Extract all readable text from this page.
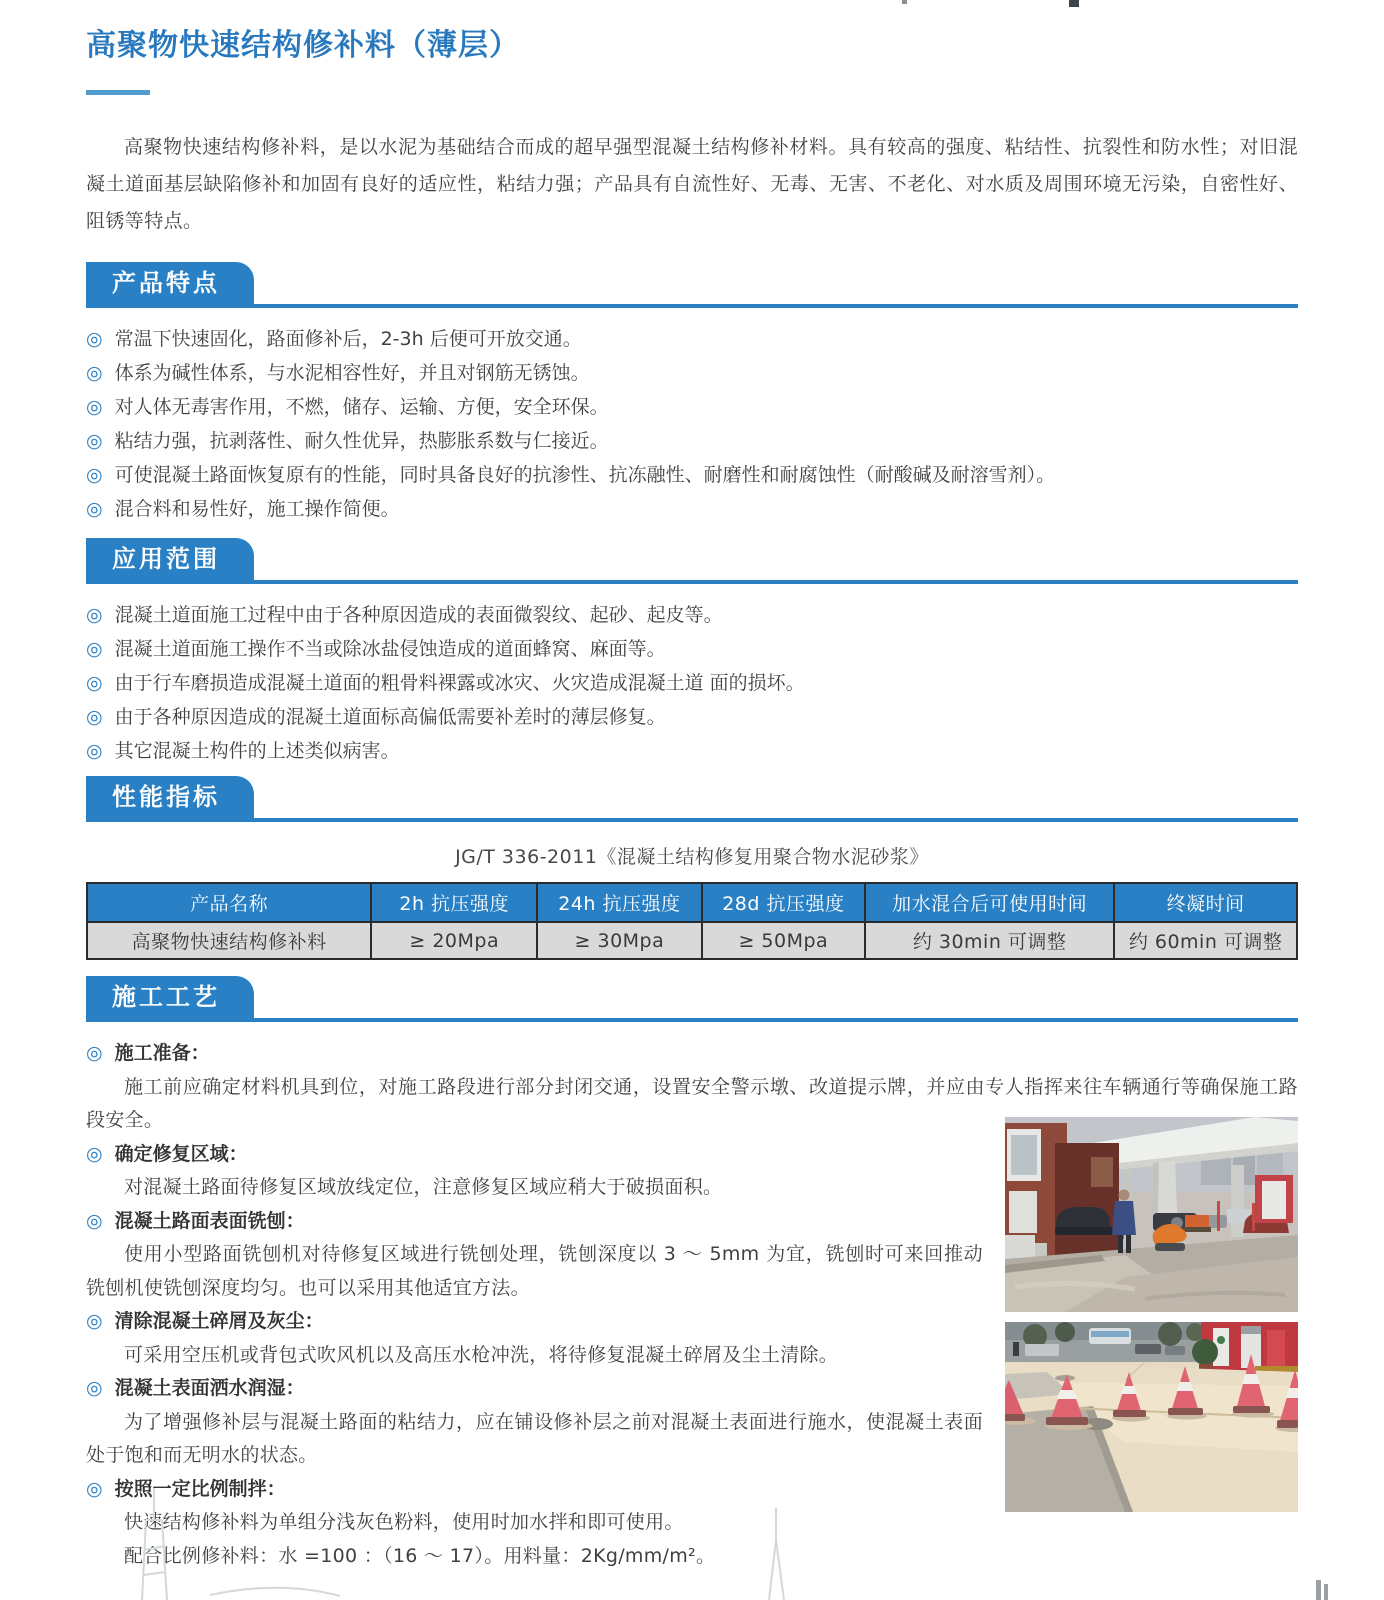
高聚物快速结构修补料（薄层）

高聚物快速结构修补料，是以水泥为基础结合而成的超早强型混凝土结构修补材料。具有较高的强度、粘结性、抗裂性和防水性；对旧混凝土道面基层缺陷修补和加固有良好的适应性，粘结力强；产品具有自流性好、无毒、无害、不老化、对水质及周围环境无污染，自密性好、阻锈等特点。

产品特点
◎ 常温下快速固化，路面修补后，2-3h 后便可开放交通。
◎ 体系为碱性体系，与水泥相容性好，并且对钢筋无锈蚀。
◎ 对人体无毒害作用，不燃，储存、运输、方便，安全环保。
◎ 粘结力强，抗剥落性、耐久性优异，热膨胀系数与仁接近。
◎ 可使混凝土路面恢复原有的性能，同时具备良好的抗渗性、抗冻融性、耐磨性和耐腐蚀性（耐酸碱及耐溶雪剂）。
◎ 混合料和易性好，施工操作简便。
应用范围
◎ 混凝土道面施工过程中由于各种原因造成的表面微裂纹、起砂、起皮等。
◎ 混凝土道面施工操作不当或除冰盐侵蚀造成的道面蜂窝、麻面等。
◎ 由于行车磨损造成混凝土道面的粗骨料裸露或冰灾、火灾造成混凝土道 面的损坏。
◎ 由于各种原因造成的混凝土道面标高偏低需要补差时的薄层修复。
◎ 其它混凝土构件的上述类似病害。
性能指标
JG/T 336-2011《混凝土结构修复用聚合物水泥砂浆》
产品名称	2h 抗压强度	24h 抗压强度	28d 抗压强度	加水混合后可使用时间	终凝时间
高聚物快速结构修补料	≥ 20Mpa	≥ 30Mpa	≥ 50Mpa	约 30min 可调整	约 60min 可调整
施工工艺

◎ 施工准备：

施工前应确定材料机具到位，对施工路段进行部分封闭交通，设置安全警示墩、改道提示牌，并应由专人指挥来往车辆通行等确保施工路段安全。

◎ 确定修复区域：

对混凝土路面待修复区域放线定位，注意修复区域应稍大于破损面积。

◎ 混凝土路面表面铣刨：

使用小型路面铣刨机对待修复区域进行铣刨处理，铣刨深度以 3 ～ 5mm 为宜，铣刨时可来回推动铣刨机使铣刨深度均匀。也可以采用其他适宜方法。

◎ 清除混凝土碎屑及灰尘：

可采用空压机或背包式吹风机以及高压水枪冲洗，将待修复混凝土碎屑及尘土清除。

◎ 混凝土表面洒水润湿：

为了增强修补层与混凝土路面的粘结力，应在铺设修补层之前对混凝土表面进行施水，使混凝土表面处于饱和而无明水的状态。

◎ 按照一定比例制拌：

快速结构修补料为单组分浅灰色粉料，使用时加水拌和即可使用。

配合比例修补料：水 =100 ：（16 ～ 17）。用料量：2Kg/mm/m²。
